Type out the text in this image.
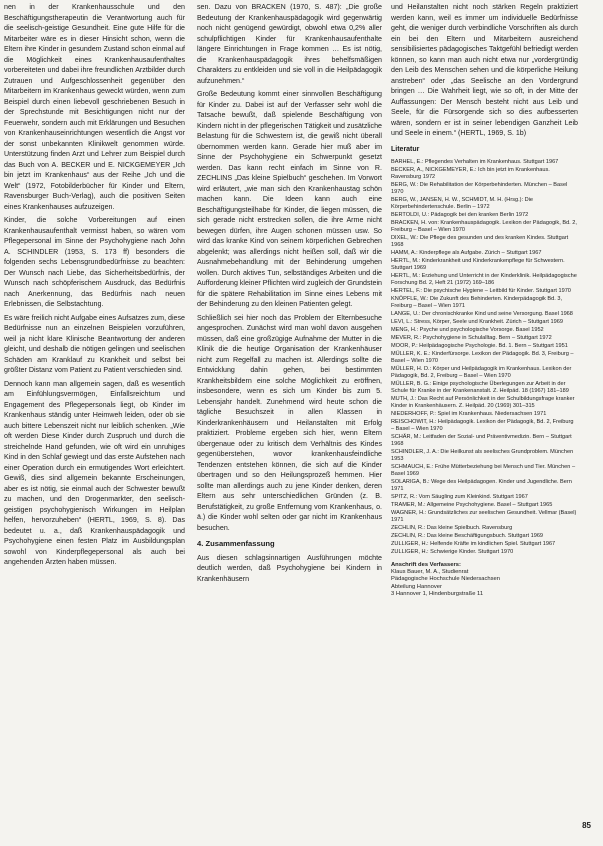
nen in der Krankenhausschule und den Beschäftigungstherapeutin die Verantwortung auch für die seelisch-geistige Gesundheit. Eine gute Hilfe für die Mitarbeiter wäre es in dieser Hinsicht schon, wenn die Eltern ihre Kinder in gesundem Zustand schon einmal auf die Möglichkeit eines Krankenhausaufenthaltes vorbereiteten und dabei ihre freundlichen Arztbilder durch Zutrauen und Aufgeschlossenheit gegenüber den Mitarbeitern im Krankenhaus geweckt würden, wenn zum Beispiel durch einen liebevoll geschriebenen Besuch in der Sprechstunde mit Besichtigungen nicht nur der Feuerwehr, sondern auch mit Erklärungen und Besuchen von Krankenhauseinrichtungen wesentlich die Angst vor der sonst unbekannten Klinikwelt genommen würde. Unterstützung finden Arzt und Lehrer zum Beispiel durch das Buch von A. BECKER und E. NICKGEMEYER „Ich bin jetzt im Krankenhaus“ aus der Reihe „Ich und die Welt“ (1972, Fotobilderbücher für Kinder und Eltern, Ravensburger Buch-Verlag), auch die positiven Seiten eines Krankenhauses aufzuzeigen.

Kinder, die solche Vorbereitungen auf einen Krankenhausaufenthalt vermisst haben, so wären vom Pflegepersonal im Sinne der Psychohygiene nach John A. SCHINDLER (1953, S. 173 ff) besonders die folgenden sechs Lebensgrundbedürfnisse zu beachten: Der Wunsch nach Liebe, das Sicherheitsbedürfnis, der Wunsch nach schöpferischem Ausdruck, das Bedürfnis nach Anerkennung, das Bedürfnis nach neuen Erlebnissen, die Selbstachtung.

Es wäre freilich nicht Aufgabe eines Aufsatzes zum, diese Bedürfnisse nun an einzelnen Beispielen vorzuführen, weil ja nicht klare Klinische Beantwortung der anderen gleicht, und deshalb die nötigen gelingen und seelischen Schäden am Kranklauf zu Krankheit und selbst bei größter Distanz vom Patient zu Patient verschieden sind.

Dennoch kann man allgemein sagen, daß es wesentlich am Einfühlungsvermögen, Einfallsreichtum und Engagement des Pflegepersonals liegt, ob Kinder im Krankenhaus ständig unter Heimweh leiden, oder ob sie auch bittere Lebenszeit nicht nur leiblich schenken. „Wie oft werden Diese Kinder durch Zuspruch und durch die streichelnde Hand gefunden, wie oft wird ein unruhiges Kind in den Schlaf gewiegt und das erste Aufstehen nach einer Operation durch ein ermutigendes Wort erleichtert. Gewiß, dies sind allgemein bekannte Erscheinungen, aber es ist nötig, sie einmal auch der Schwester bewußt zu machen, und den Drogenmarkter, den seelisch-geistigen psychohygienisch Wirkungen im Heilplan helfen, hervorzuheben“ (HERTL, 1969, S. 8). Das bedeutet u. a., daß Krankenhauspädagogik und Psychohygiene einen festen Platz im Ausbildungsplan sowohl von Kinderpflegepersonal als auch bei angehenden Ärzten haben müssen.

sen. Dazu von BRACKEN (1970, S. 487): „Die große Bedeutung der Krankenhauspädagogik wird gegenwärtig noch nicht genügend gewürdigt, obwohl etwa 0,2% aller schulpflichtigen Kinder für Krankenhausaufenthalte längere Einrichtungen in Frage kommen … Es ist nötig, die Krankenhauspädagogik ihres behelfsmäßigen Charakters zu entkleiden und sie voll in die Heilpädagogik aufzunehmen.“

Große Bedeutung kommt einer sinnvollen Beschäftigung für Kinder zu. Dabei ist auf der Verfasser sehr wohl die Tatsache bewußt, daß spielende Beschäftigung von Kindern nicht in der pflegerischen Tätigkeit und zusätzliche Belastung für die Schwestern ist, die gewiß nicht überall übernommen werden kann. Gerade hier muß aber im Sinne der Psychohygiene ein Schwerpunkt gesetzt werden. Das kann recht einfach im Sinne von R. ZECHLINS „Das kleine Spielbuch“ geschehen. Im Vorwort wird erläutert, „wie man sich den Krankenhaustag schön machen kann. Die Ideen kann auch eine Beschäftigungsteilhabe für Kinder, die liegen müssen, die sich gerade nicht erstrecken sollen, die ihre Arme nicht bewegen dürfen, ihre Augen schonen müssen usw. So wird das kranke Kind von seinem körperlichen Gebrechen abgelenkt; was allerdings nicht heißen soll, daß wir die Ausnahmebehandlung mit der Behinderung umgehen wollen. Durch aktives Tun, selbständiges Arbeiten und die Aufforderung kleiner Pflichten wird zugleich der Grundstein für die spätere Rehabilitation im Sinne eines Lebens mit der Behinderung zu den kleinen Patienten gelegt.

Schließlich sei hier noch das Problem der Elternbesuche angesprochen. Zunächst wird man wohl davon ausgehen müssen, daß eine großzügige Aufnahme der Mutter in die Klinik die die heutige Organisation der Krankenhäuser nicht zum Regelfall zu machen ist. Allerdings sollte die Entwicklung dahin gehen, bei bestimmten Krankheitsbildern eine solche Möglichkeit zu eröffnen, insbesondere, wenn es sich um Kinder bis zum 5. Lebensjahr handelt. Zunehmend wird heute schon die tägliche Besuchszeit in allen Klassen in Kinderkrankenhäusern und Heilanstalten mit Erfolg praktiziert. Probleme ergeben sich hier, wenn Eltern übergenaue oder zu kritisch dem Verhältnis des Kindes gegenüberstehen, wovor krankenhausfeindliche Tendenzen entstehen können, die sich auf die Kinder übertragen und so den Heilungsprozeß hemmen. Hier sollte man allerdings auch zu jene Kinder denken, deren Eltern aus sehr unterschiedlichen Gründen (z. B. Berufstätigkeit, zu große Entfernung vom Krankenhaus, o. ä.) die Kinder wohl selten oder gar nicht im Krankenhaus besuchen.

4. Zusammenfassung

Aus diesen schlagsinnartigen Ausführungen möchte deutlich werden, daß Psychohygiene bei Kindern in Krankenhäusern

und Heilanstalten nicht noch stärken Regeln praktiziert werden kann, weil es immer um individuelle Bedürfnisse geht, die weniger durch verbindliche Vorschriften als durch ein bei den Eltern und Mitarbeitern ausreichend sensibilisiertes pädagogisches Taktgefühl befriedigt werden können, so kann man auch nicht etwa nur „vordergründig den Leib des Menschen sehen und die körperliche Heilung anstreben“ oder „das Seelische an den Vordergrund bringen … Die Wahrheit liegt, wie so oft, in der Mitte der Auffassungen: Der Mensch besteht nicht aus Leib und Seele, für die Fürsorgende sich so dies aufbesserten wären, sondern er ist in seiner lebendigen Ganzheit Leib und Seele in einem.“ (HERTL, 1969, S. 1b)

Literatur
BARHEL, E.: Pflegendes Verhalten im Krankenhaus. Stuttgart 1967
BECKER, A., NICKGEMEYER, E.: Ich bin jetzt im Krankenhaus. Ravensburg 1972
BERG, W.: Die Rehabilitation der Körperbehinderten. München – Basel 1970
BERG, W., JANSEN, H. W., SCHMIDT, M. H. (Hrsg.): Die Körperbehindertenschule. Berlin – 1972
BERTOLDI, U.: Pädagogik bei den kranken Berlin 1972
BRACKEN, H. von: Krankenhauspädagogik. Lexikon der Pädagogik, Bd. 2, Freiburg – Basel – Wien 1970
DIXEL, W.: Die Pflege des gesunden und des kranken Kindes. Stuttgart 1968
HAMM, A.: Kinderpflege als Aufgabe. Zürich – Stuttgart 1967
HERTL, M.: Kinderkrankheit und Kinderkrankenpflege für Schwestern. Stuttgart 1969
HERTL, M.: Erziehung und Unterricht in der Kinderklinik. Heilpädagogische Forschung Bd. 2, Heft 21 (1972) 169–186
HERTEL, F.: Die psychische Hygiene – Leitbild für Kinder. Stuttgart 1970
KNÖPFLE, W.: Die Zukunft des Behinderten. Kinderpädagogik Bd. 3, Freiburg – Basel – Wien 1971
LANGE, U.: Der chronischkranke Kind und seine Versorgung. Basel 1968
LEVI, L.: Stress, Körper, Seele und Krankheit. Zürich – Stuttgart 1969
MENG, H.: Psyche und psychologische Vorsorge. Basel 1952
MEVER, R.: Psychohygiene in Schulalltag. Bern – Stuttgart 1972
MOOR, P.: Heilpädagogische Psychologie. Bd. 1. Bern – Stuttgart 1951
MÜLLER, K. E.: Kinderfürsorge. Lexikon der Pädagogik. Bd. 3, Freiburg – Basel – Wien 1970
MÜLLER, H. D.: Körper und Heilpädagogik im Krankenhaus. Lexikon der Pädagogik, Bd. 2, Freiburg – Basel – Wien 1970
MÜLLER, B. G.: Einige psychologische Überlegungen zur Arbeit in der Schule für Kranke in der Krankenanstalt. Z. Heilpäd. 18 (1967) 181–189
MUTH, J.: Das Recht auf Persönlichkeit in der Schulbildungsfrage kranker Kinder in Krankenhäusern. Z. Heilpäd. 20 (1969) 301–315
NIEDERHOFF, P.: Spiel im Krankenhaus. Niedersachsen 1971
REISCHOWIT, H.: Heilpädagogik. Lexikon der Pädagogik, Bd. 2, Freiburg – Basel – Wien 1970
SCHÄR, M.: Leitfaden der Sozial- und Präventivmedizin. Bern – Stuttgart 1968
SCHINDLER, J. A.: Die Heilkunst als seelisches Grundproblem. München 1953
SCHMAUCH, E.: Frühe Mütterbeziehung bei Mensch und Tier. München – Basel 1969
SOLARIGA, B.: Wege des Heilpädagogen. Kinder und Jugendliche. Bern 1971
SPITZ, R.: Vom Säugling zum Kleinkind. Stuttgart 1967
TRAMER, M.: Allgemeine Psychohygiene. Basel – Stuttgart 1965
WAGNER, H.: Grundsätzliches zur seelischen Gesundheit. Vellmar (Basel) 1971
ZECHLIN, R.: Das kleine Spielbuch. Ravensburg
ZECHLIN, R.: Das kleine Beschäftigungsbuch. Stuttgart 1969
ZULLIGER, H.: Helfende Kräfte im kindlichen Spiel. Stuttgart 1967
ZULLIGER, H.: Schwierige Kinder. Stuttgart 1970
Anschrift des Verfassers:
Klaus Bauer, M. A., Studienrat
Pädagogische Hochschule Niedersachsen
Abteilung Hannover
3 Hannover 1, Hindenburgstraße 11
85
